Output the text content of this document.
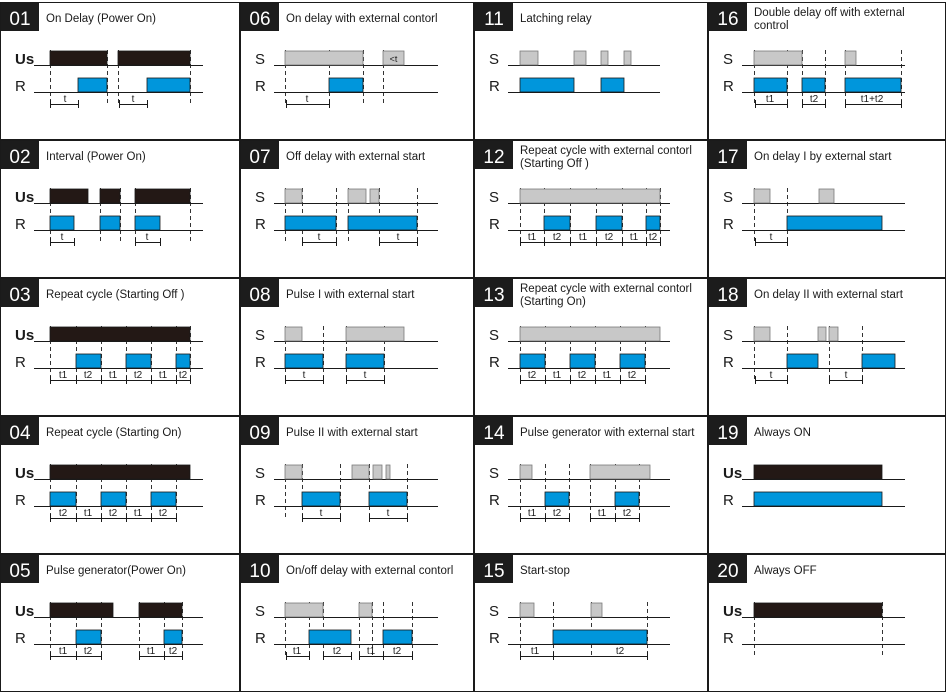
01 On Delay (Power On)
Us
R
t	t
06 On delay with external contorl
S
R
<t
t
11 Latching relay
S
R
16 Double delay off with external
control
S
R
t1	t2	t1+t2
02 Interval (Power On)
Us
R
t	t
07 Off delay with external start
S
R
t	t
12 Repeat cycle with external contorl
(Starting Off )
S
R
t1 t2 t1 t2 t1 t2
17 On delay I by external start
S
R
t
03 Repeat cycle (Starting Off )
Us
R
t1 t2 t1 t2 t1 t2
08 Pulse I with external start
S
R
t	t
13 Repeat cycle with external contorl
(Starting On)
S
R
t2 t1 t2 t1 t2
18 On delay II with external start
S
R
t	t
04 Repeat cycle (Starting On)
Us
R
t2 t1 t2 t1 t2
09 Pulse II with external start
S
R
t	t
14 Pulse generator with external start
S
R
t1 t2	t1 t2
19 Always ON
Us
R
05 Pulse generator(Power On)
Us
R
t1 t2	t1 t2
10 On/off delay with external contorl
S
R
t1	t2	t1 t2
15 Start-stop
S
R
t1	t2
20 Always OFF
Us
R
